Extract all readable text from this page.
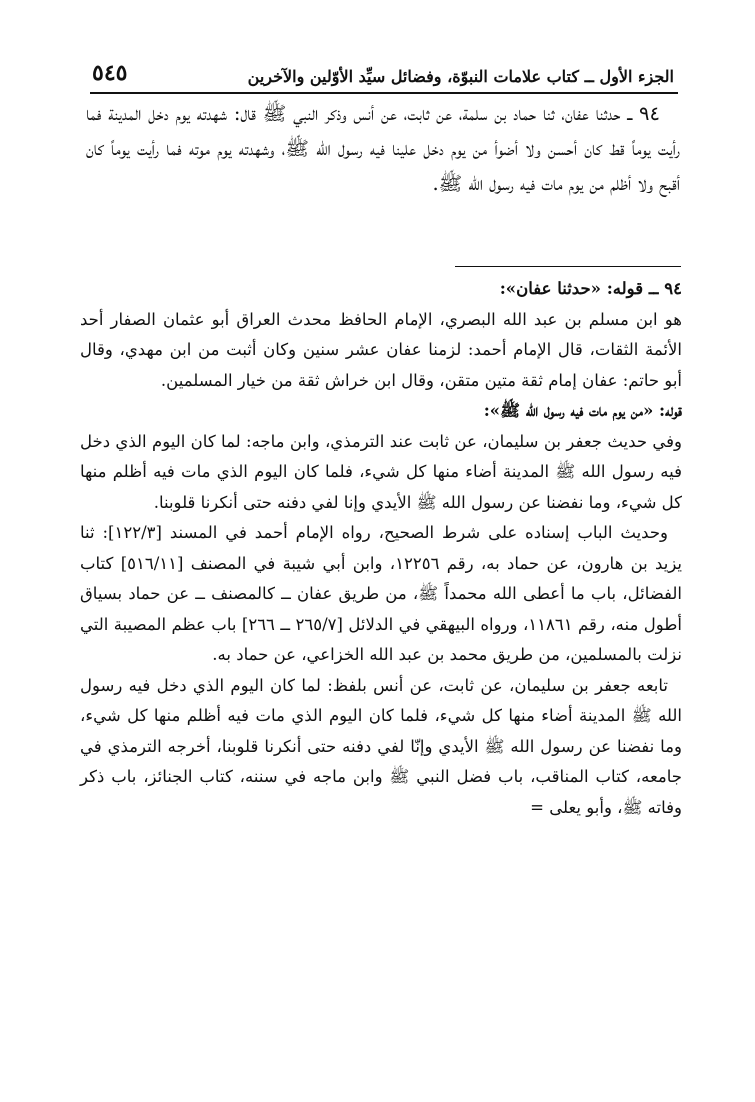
٥٤٥	الجزء الأول ــ كتاب علامات النبوّة، وفضائل سيِّد الأوّلين والآخرين

٩٤ ــ حدثنا عفان، ثنا حماد بن سلمة، عن ثابت، عن أنس وذكر النبي ﷺ قال: شهدته يوم دخل المدينة فما رأيت يوماً قط كان أحسن ولا أضوأ من يوم دخل علينا فيه رسول الله ﷺ، وشهدته يوم موته فما رأيت يوماً كان أقبح ولا أظلم من يوم مات فيه رسول الله ﷺ.

٩٤ ــ قوله: «حدثنا عفان»:

هو ابن مسلم بن عبد الله البصري، الإمام الحافظ محدث العراق أبو عثمان الصفار أحد الأئمة الثقات، قال الإمام أحمد: لزمنا عفان عشر سنين وكان أثبت من ابن مهدي، وقال أبو حاتم: عفان إمام ثقة متين متقن، وقال ابن خراش ثقة من خيار المسلمين.

قوله: «من يوم مات فيه رسول الله ﷺ»:

وفي حديث جعفر بن سليمان، عن ثابت عند الترمذي، وابن ماجه: لما كان اليوم الذي دخل فيه رسول الله ﷺ المدينة أضاء منها كل شيء، فلما كان اليوم الذي مات فيه أظلم منها كل شيء، وما نفضنا عن رسول الله ﷺ الأيدي وإنا لفي دفنه حتى أنكرنا قلوبنا.

وحديث الباب إسناده على شرط الصحيح، رواه الإمام أحمد في المسند [١٢٢/٣]: ثنا يزيد بن هارون، عن حماد به، رقم ١٢٢٥٦، وابن أبي شيبة في المصنف [٥١٦/١١] كتاب الفضائل، باب ما أعطى الله محمداً ﷺ، من طريق عفان ــ كالمصنف ــ عن حماد بسياق أطول منه، رقم ١١٨٦١، ورواه البيهقي في الدلائل [٢٦٥/٧ ــ ٢٦٦] باب عظم المصيبة التي نزلت بالمسلمين، من طريق محمد بن عبد الله الخزاعي، عن حماد به.

تابعه جعفر بن سليمان، عن ثابت، عن أنس بلفظ: لما كان اليوم الذي دخل فيه رسول الله ﷺ المدينة أضاء منها كل شيء، فلما كان اليوم الذي مات فيه أظلم منها كل شيء، وما نفضنا عن رسول الله ﷺ الأيدي وإنّا لفي دفنه حتى أنكرنا قلوبنا، أخرجه الترمذي في جامعه، كتاب المناقب، باب فضل النبي ﷺ وابن ماجه في سننه، كتاب الجنائز، باب ذكر وفاته ﷺ، وأبو يعلى =
